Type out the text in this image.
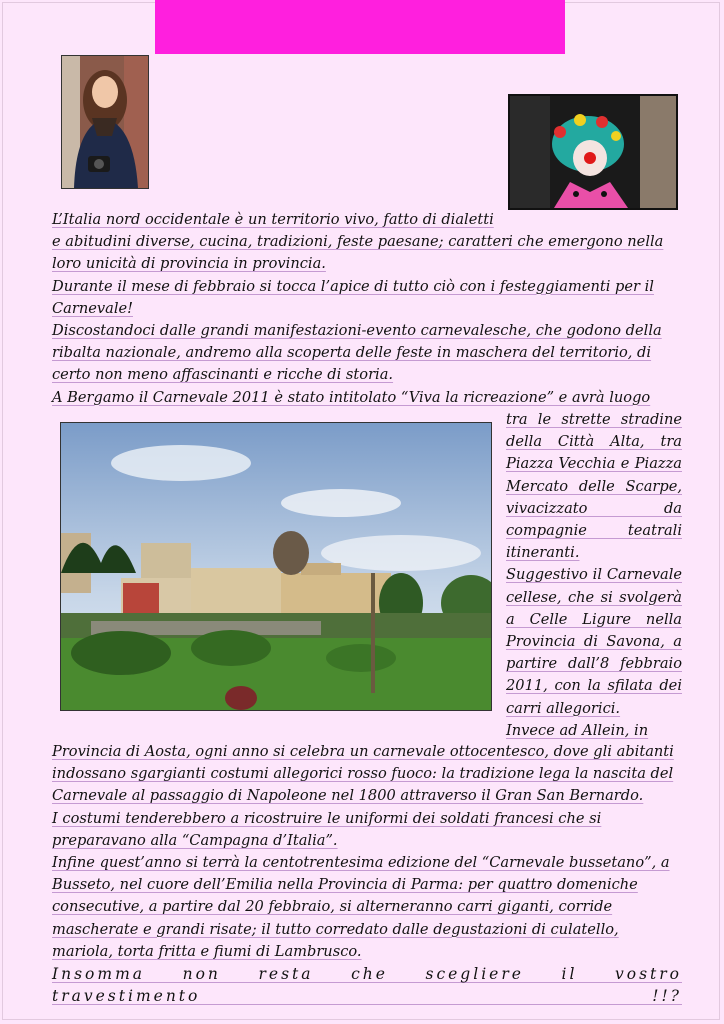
L’Italia nord occidentale è un territorio vivo, fatto di dialetti

e abitudini diverse, cucina, tradizioni, feste paesane; caratteri che emergono nella loro unicità di provincia in provincia.

Durante il mese di febbraio si tocca l’apice di tutto ciò con i festeggiamenti per il Carnevale!

Discostandoci dalle grandi manifestazioni-evento carnevalesche, che godono della ribalta nazionale, andremo alla scoperta delle feste in maschera del territorio, di certo non meno affascinanti e ricche di storia.

A Bergamo il Carnevale 2011 è stato intitolato “Viva la ricreazione” e avrà luogo

tra le strette stradine della Città Alta, tra Piazza Vecchia e Piazza Mercato delle Scarpe, vivacizzato da compagnie teatrali itineranti.

Suggestivo il Carnevale cellese, che si svolgerà a Celle Ligure nella Provincia di Savona, a partire dall’8 febbraio 2011, con la sfilata dei carri allegorici.

Invece ad Allein, in

Provincia di Aosta, ogni anno si celebra un carnevale ottocentesco, dove gli abitanti indossano sgargianti costumi allegorici rosso fuoco: la tradizione lega la nascita del Carnevale al passaggio di Napoleone nel 1800 attraverso il Gran San Bernardo.

I costumi tenderebbero a ricostruire le uniformi dei soldati francesi che si preparavano alla “Campagna d’Italia”.

Infine quest’anno si terrà la centotrentesima edizione del “Carnevale bussetano”, a Busseto, nel cuore dell’Emilia nella Provincia di Parma: per quattro domeniche consecutive, a partire dal 20 febbraio, si alterneranno carri giganti, corride mascherate e grandi risate; il tutto corredato dalle degustazioni di culatello, mariola, torta fritta e fiumi di Lambrusco.

Insomma non resta che scegliere il vostro travestimento !!?
